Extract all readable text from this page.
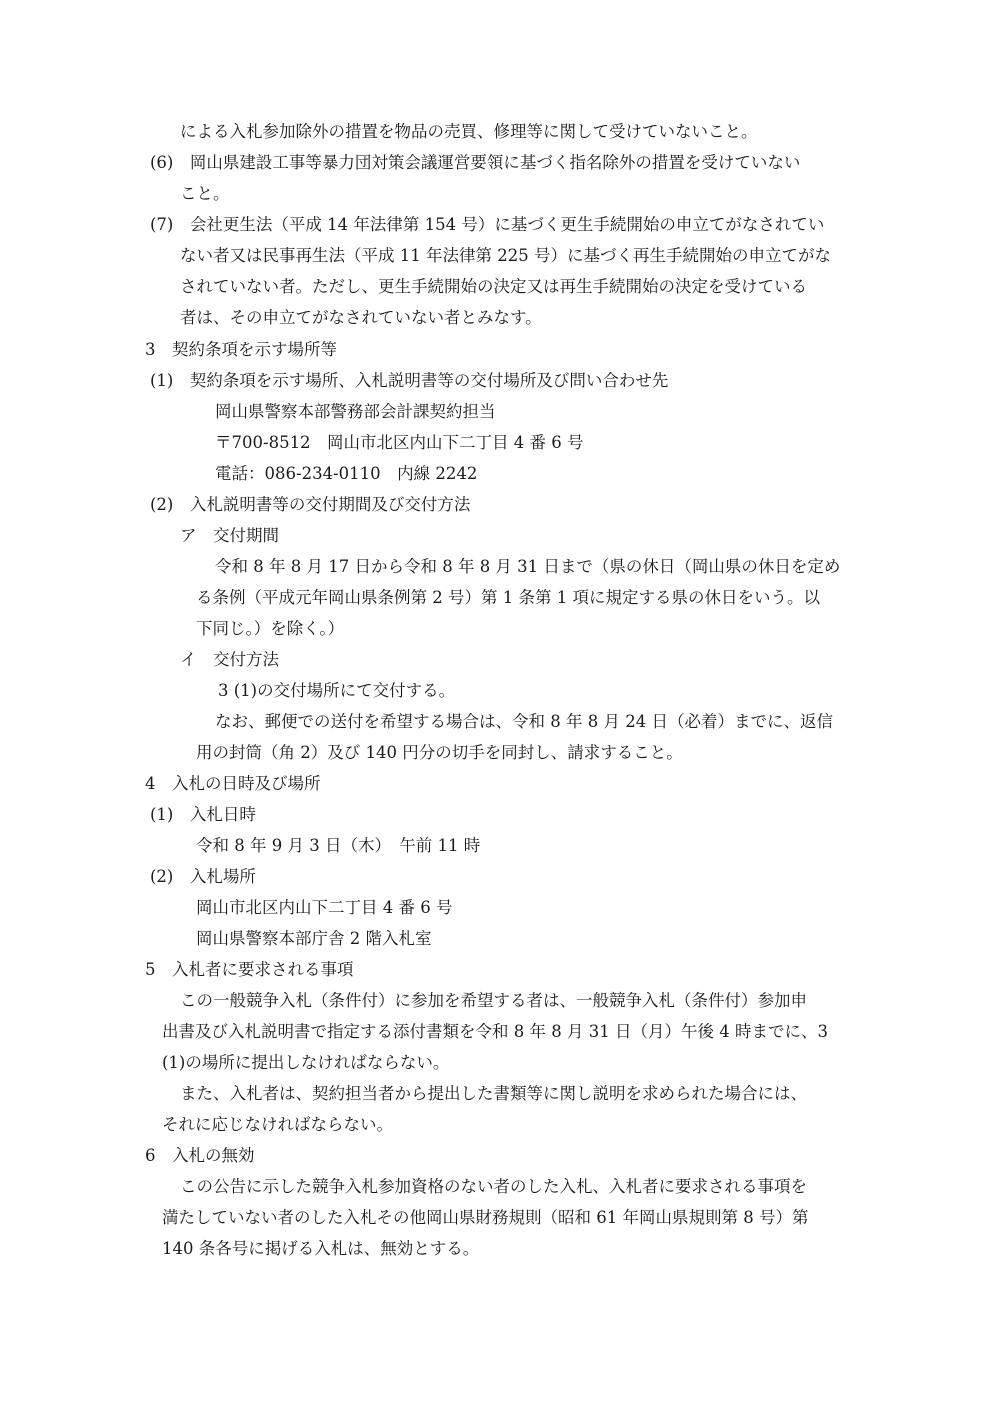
による入札参加除外の措置を物品の売買、修理等に関して受けていないこと。
(6)　岡山県建設工事等暴力団対策会議運営要領に基づく指名除外の措置を受けていない
こと。
(7)　会社更生法（平成 14 年法律第 154 号）に基づく更生手続開始の申立てがなされてい
ない者又は民事再生法（平成 11 年法律第 225 号）に基づく再生手続開始の申立てがな
されていない者。ただし、更生手続開始の決定又は再生手続開始の決定を受けている
者は、その申立てがなされていない者とみなす。
3　契約条項を示す場所等
(1)　契約条項を示す場所、入札説明書等の交付場所及び問い合わせ先
岡山県警察本部警務部会計課契約担当
〒700-8512　岡山市北区内山下二丁目 4 番 6 号
電話：086-234-0110　内線 2242
(2)　入札説明書等の交付期間及び交付方法
ア　交付期間
令和 8 年 8 月 17 日から令和 8 年 8 月 31 日まで（県の休日（岡山県の休日を定め
る条例（平成元年岡山県条例第 2 号）第 1 条第 1 項に規定する県の休日をいう。以
下同じ。）を除く。）
イ　交付方法
3 (1)の交付場所にて交付する。
なお、郵便での送付を希望する場合は、令和 8 年 8 月 24 日（必着）までに、返信
用の封筒（角 2）及び 140 円分の切手を同封し、請求すること。
4　入札の日時及び場所
(1)　入札日時
令和 8 年 9 月 3 日（木）　午前 11 時
(2)　入札場所
岡山市北区内山下二丁目 4 番 6 号
岡山県警察本部庁舎 2 階入札室
5　入札者に要求される事項
この一般競争入札（条件付）に参加を希望する者は、一般競争入札（条件付）参加申
出書及び入札説明書で指定する添付書類を令和 8 年 8 月 31 日（月）午後 4 時までに、3
(1)の場所に提出しなければならない。
また、入札者は、契約担当者から提出した書類等に関し説明を求められた場合には、
それに応じなければならない。
6　入札の無効
この公告に示した競争入札参加資格のない者のした入札、入札者に要求される事項を
満たしていない者のした入札その他岡山県財務規則（昭和 61 年岡山県規則第 8 号）第
140 条各号に掲げる入札は、無効とする。
